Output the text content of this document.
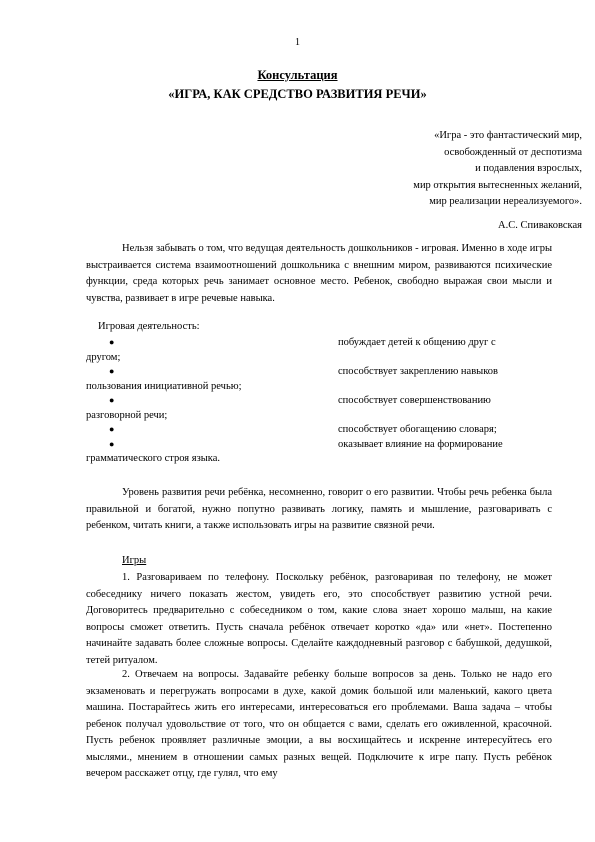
1
Консультация
«ИГРА, КАК СРЕДСТВО РАЗВИТИЯ РЕЧИ»
«Игра - это фантастический мир,
освобожденный от деспотизма
и подавления взрослых,
мир открытия вытесненных желаний,
мир реализации нереализуемого».
А.С. Спиваковская
Нельзя забывать о том, что ведущая деятельность дошкольников - игровая. Именно в ходе игры выстраивается система взаимоотношений дошкольника с внешним миром, развиваются психические функции, среда которых речь занимает основное место. Ребенок, свободно выражая свои мысли и чувства, развивает в игре речевые навыка.
Игровая деятельность:
●	побуждает детей к общению друг с
другом;
●	способствует закреплению навыков
пользования инициативной речью;
●	способствует совершенствованию
разговорной речи;
●	способствует обогащению словаря;
●	оказывает влияние на формирование
грамматического строя языка.
Уровень развития речи ребёнка, несомненно, говорит о его развитии. Чтобы речь ребенка была правильной и богатой, нужно попутно развивать логику, память и мышление, разговаривать с ребенком, читать книги, а также использовать игры на развитие связной речи.
Игры
1. Разговариваем по телефону. Поскольку ребёнок, разговаривая по телефону, не может собеседнику ничего показать жестом, увидеть его, это способствует развитию устной речи. Договоритесь предварительно с собеседником о том, какие слова знает хорошо малыш, на какие вопросы сможет ответить. Пусть сначала ребёнок отвечает коротко «да» или «нет». Постепенно начинайте задавать более сложные вопросы. Сделайте каждодневный разговор с бабушкой, дедушкой, тетей ритуалом.
2. Отвечаем на вопросы. Задавайте ребенку больше вопросов за день. Только не надо его экзаменовать и перегружать вопросами в духе, какой домик большой или маленький, какого цвета машина. Постарайтесь жить его интересами, интересоваться его проблемами. Ваша задача – чтобы ребенок получал удовольствие от того, что он общается с вами, сделать его оживленной, красочной. Пусть ребенок проявляет различные эмоции, а вы восхищайтесь и искренне интересуйтесь его мыслями., мнением в отношении самых разных вещей. Подключите к игре папу. Пусть ребёнок вечером расскажет отцу, где гулял, что ему
